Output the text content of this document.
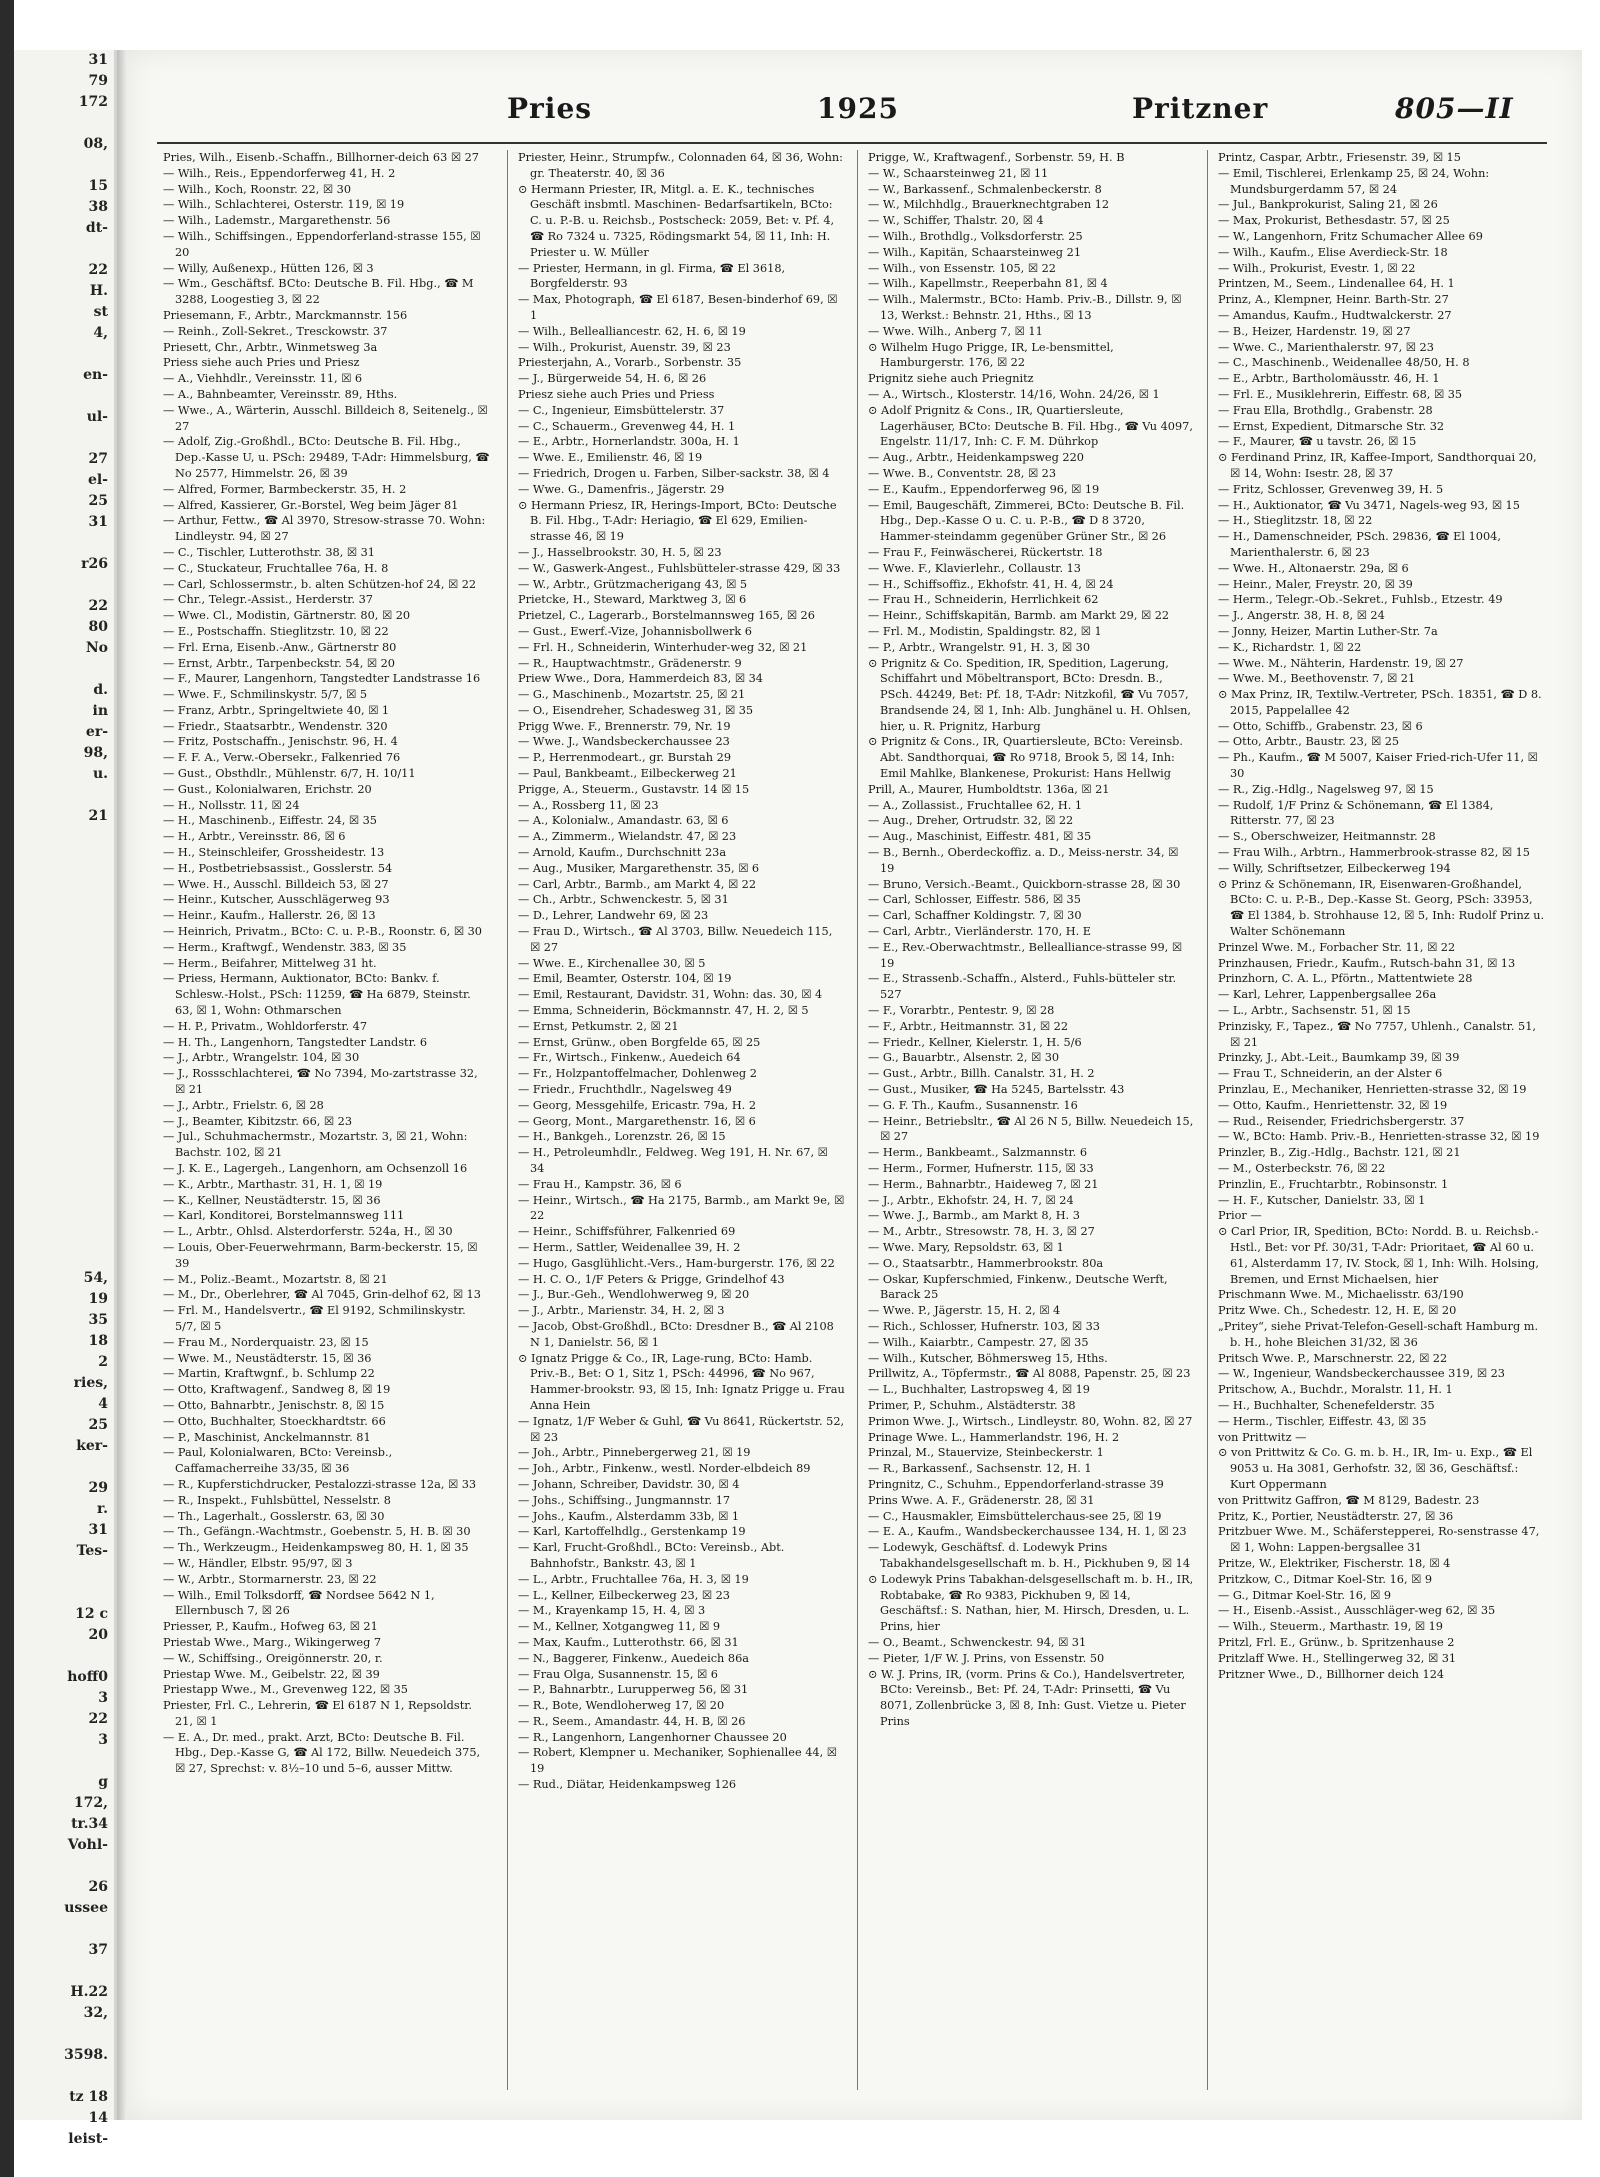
31
79
172

08,

15
38
dt-

22
H.
st
4,

en-

ul-

27
el-
25
31

r26

22
80
No

d.
in
er-
98,
u.

21

54,
19
35
18
2
ries,
4
25
ker-

29
r.
31
Tes-

12 c
20

hoff0
3
22
3

g
172,
tr.34
Vohl-

26
ussee

37

H.22
32,

3598.

tz 18
14
leist-
Pries	1925	Pritzner	805—II

Pries, Wilh., Eisenb.-Schaffn., Billhorner-deich 63 ☒ 27

— Wilh., Reis., Eppendorferweg 41, H. 2

— Wilh., Koch, Roonstr. 22, ☒ 30

— Wilh., Schlachterei, Osterstr. 119, ☒ 19

— Wilh., Lademstr., Margarethenstr. 56

— Wilh., Schiffsingen., Eppendorferland-strasse 155, ☒ 20

— Willy, Außenexp., Hütten 126, ☒ 3

— Wm., Geschäftsf. BCto: Deutsche B. Fil. Hbg., ☎ M 3288, Loogestieg 3, ☒ 22

Priesemann, F., Arbtr., Marckmannstr. 156

— Reinh., Zoll-Sekret., Tresckowstr. 37

Priesett, Chr., Arbtr., Winmetsweg 3a

Priess siehe auch Pries und Priesz

— A., Viehhdlr., Vereinsstr. 11, ☒ 6

— A., Bahnbeamter, Vereinsstr. 89, Hths.

— Wwe., A., Wärterin, Ausschl. Billdeich 8, Seitenelg., ☒ 27

— Adolf, Zig.-Großhdl., BCto: Deutsche B. Fil. Hbg., Dep.-Kasse U, u. PSch: 29489, T-Adr: Himmelsburg, ☎ No 2577, Himmelstr. 26, ☒ 39

— Alfred, Former, Barmbeckerstr. 35, H. 2

— Alfred, Kassierer, Gr.-Borstel, Weg beim Jäger 81

— Arthur, Fettw., ☎ Al 3970, Stresow-strasse 70. Wohn: Lindleystr. 94, ☒ 27

— C., Tischler, Lutterothstr. 38, ☒ 31

— C., Stuckateur, Fruchtallee 76a, H. 8

— Carl, Schlossermstr., b. alten Schützen-hof 24, ☒ 22

— Chr., Telegr.-Assist., Herderstr. 37

— Wwe. Cl., Modistin, Gärtnerstr. 80, ☒ 20

— E., Postschaffn. Stieglitzstr. 10, ☒ 22

— Frl. Erna, Eisenb.-Anw., Gärtnerstr 80

— Ernst, Arbtr., Tarpenbeckstr. 54, ☒ 20

— F., Maurer, Langenhorn, Tangstedter Landstrasse 16

— Wwe. F., Schmilinskystr. 5/7, ☒ 5

— Franz, Arbtr., Springeltwiete 40, ☒ 1

— Friedr., Staatsarbtr., Wendenstr. 320

— Fritz, Postschaffn., Jenischstr. 96, H. 4

— F. F. A., Verw.-Obersekr., Falkenried 76

— Gust., Obsthdlr., Mühlenstr. 6/7, H. 10/11

— Gust., Kolonialwaren, Erichstr. 20

— H., Nollsstr. 11, ☒ 24

— H., Maschinenb., Eiffestr. 24, ☒ 35

— H., Arbtr., Vereinsstr. 86, ☒ 6

— H., Steinschleifer, Grossheidestr. 13

— H., Postbetriebsassist., Gosslerstr. 54

— Wwe. H., Ausschl. Billdeich 53, ☒ 27

— Heinr., Kutscher, Ausschlägerweg 93

— Heinr., Kaufm., Hallerstr. 26, ☒ 13

— Heinrich, Privatm., BCto: C. u. P.-B., Roonstr. 6, ☒ 30

— Herm., Kraftwgf., Wendenstr. 383, ☒ 35

— Herm., Beifahrer, Mittelweg 31 ht.

— Priess, Hermann, Auktionator, BCto: Bankv. f. Schlesw.-Holst., PSch: 11259, ☎ Ha 6879, Steinstr. 63, ☒ 1, Wohn: Othmarschen

— H. P., Privatm., Wohldorferstr. 47

— H. Th., Langenhorn, Tangstedter Landstr. 6

— J., Arbtr., Wrangelstr. 104, ☒ 30

— J., Rossschlachterei, ☎ No 7394, Mo-zartstrasse 32, ☒ 21

— J., Arbtr., Frielstr. 6, ☒ 28

— J., Beamter, Kibitzstr. 66, ☒ 23

— Jul., Schuhmachermstr., Mozartstr. 3, ☒ 21, Wohn: Bachstr. 102, ☒ 21

— J. K. E., Lagergeh., Langenhorn, am Ochsenzoll 16

— K., Arbtr., Marthastr. 31, H. 1, ☒ 19

— K., Kellner, Neustädterstr. 15, ☒ 36

— Karl, Konditorei, Borstelmannsweg 111

— L., Arbtr., Ohlsd. Alsterdorferstr. 524a, H., ☒ 30

— Louis, Ober-Feuerwehrmann, Barm-beckerstr. 15, ☒ 39

— M., Poliz.-Beamt., Mozartstr. 8, ☒ 21

— M., Dr., Oberlehrer, ☎ Al 7045, Grin-delhof 62, ☒ 13

— Frl. M., Handelsvertr., ☎ El 9192, Schmilinskystr. 5/7, ☒ 5

— Frau M., Norderquaistr. 23, ☒ 15

— Wwe. M., Neustädterstr. 15, ☒ 36

— Martin, Kraftwgnf., b. Schlump 22

— Otto, Kraftwagenf., Sandweg 8, ☒ 19

— Otto, Bahnarbtr., Jenischstr. 8, ☒ 15

— Otto, Buchhalter, Stoeckhardtstr. 66

— P., Maschinist, Anckelmannstr. 81

— Paul, Kolonialwaren, BCto: Vereinsb., Caffamacherreihe 33/35, ☒ 36

— R., Kupferstichdrucker, Pestalozzi-strasse 12a, ☒ 33

— R., Inspekt., Fuhlsbüttel, Nesselstr. 8

— Th., Lagerhalt., Gosslerstr. 63, ☒ 30

— Th., Gefängn.-Wachtmstr., Goebenstr. 5, H. B. ☒ 30

— Th., Werkzeugm., Heidenkampsweg 80, H. 1, ☒ 35

— W., Händler, Elbstr. 95/97, ☒ 3

— W., Arbtr., Stormarnerstr. 23, ☒ 22

— Wilh., Emil Tolksdorff, ☎ Nordsee 5642 N 1, Ellernbusch 7, ☒ 26

Priesser, P., Kaufm., Hofweg 63, ☒ 21

Priestab Wwe., Marg., Wikingerweg 7

— W., Schiffsing., Oreigönnerstr. 20, r.

Priestap Wwe. M., Geibelstr. 22, ☒ 39

Priestapp Wwe., M., Grevenweg 122, ☒ 35

Priester, Frl. C., Lehrerin, ☎ El 6187 N 1, Repsoldstr. 21, ☒ 1

— E. A., Dr. med., prakt. Arzt, BCto: Deutsche B. Fil. Hbg., Dep.-Kasse G, ☎ Al 172, Billw. Neuedeich 375, ☒ 27, Sprechst: v. 8½–10 und 5–6, ausser Mittw.

Priester, Heinr., Strumpfw., Colonnaden 64, ☒ 36, Wohn: gr. Theaterstr. 40, ☒ 36

⊙ Hermann Priester, IR, Mitgl. a. E. K., technisches Geschäft insbmtl. Maschinen- Bedarfsartikeln, BCto: C. u. P.-B. u. Reichsb., Postscheck: 2059, Bet: v. Pf. 4, ☎ Ro 7324 u. 7325, Rödingsmarkt 54, ☒ 11, Inh: H. Priester u. W. Müller

— Priester, Hermann, in gl. Firma, ☎ El 3618, Borgfelderstr. 93

— Max, Photograph, ☎ El 6187, Besen-binderhof 69, ☒ 1

— Wilh., Bellealliancestr. 62, H. 6, ☒ 19

— Wilh., Prokurist, Auenstr. 39, ☒ 23

Priesterjahn, A., Vorarb., Sorbenstr. 35

— J., Bürgerweide 54, H. 6, ☒ 26

Priesz siehe auch Pries und Priess

— C., Ingenieur, Eimsbüttelerstr. 37

— C., Schauerm., Grevenweg 44, H. 1

— E., Arbtr., Hornerlandstr. 300a, H. 1

— Wwe. E., Emilienstr. 46, ☒ 19

— Friedrich, Drogen u. Farben, Silber-sackstr. 38, ☒ 4

— Wwe. G., Damenfris., Jägerstr. 29

⊙ Hermann Priesz, IR, Herings-Import, BCto: Deutsche B. Fil. Hbg., T-Adr: Heriagio, ☎ El 629, Emilien-strasse 46, ☒ 19

— J., Hasselbrookstr. 30, H. 5, ☒ 23

— W., Gaswerk-Angest., Fuhlsbütteler-strasse 429, ☒ 33

— W., Arbtr., Grützmacherigang 43, ☒ 5

Prietcke, H., Steward, Marktweg 3, ☒ 6

Prietzel, C., Lagerarb., Borstelmannsweg 165, ☒ 26

— Gust., Ewerf.-Vize, Johannisbollwerk 6

— Frl. H., Schneiderin, Winterhuder-weg 32, ☒ 21

— R., Hauptwachtmstr., Grädenerstr. 9

Priew Wwe., Dora, Hammerdeich 83, ☒ 34

— G., Maschinenb., Mozartstr. 25, ☒ 21

— O., Eisendreher, Schadesweg 31, ☒ 35

Prigg Wwe. F., Brennerstr. 79, Nr. 19

— Wwe. J., Wandsbeckerchaussee 23

— P., Herrenmodeart., gr. Burstah 29

— Paul, Bankbeamt., Eilbeckerweg 21

Prigge, A., Steuerm., Gustavstr. 14 ☒ 15

— A., Rossberg 11, ☒ 23

— A., Kolonialw., Amandastr. 63, ☒ 6

— A., Zimmerm., Wielandstr. 47, ☒ 23

— Arnold, Kaufm., Durchschnitt 23a

— Aug., Musiker, Margarethenstr. 35, ☒ 6

— Carl, Arbtr., Barmb., am Markt 4, ☒ 22

— Ch., Arbtr., Schwenckestr. 5, ☒ 31

— D., Lehrer, Landwehr 69, ☒ 23

— Frau D., Wirtsch., ☎ Al 3703, Billw. Neuedeich 115, ☒ 27

— Wwe. E., Kirchenallee 30, ☒ 5

— Emil, Beamter, Osterstr. 104, ☒ 19

— Emil, Restaurant, Davidstr. 31, Wohn: das. 30, ☒ 4

— Emma, Schneiderin, Böckmannstr. 47, H. 2, ☒ 5

— Ernst, Petkumstr. 2, ☒ 21

— Ernst, Grünw., oben Borgfelde 65, ☒ 25

— Fr., Wirtsch., Finkenw., Auedeich 64

— Fr., Holzpantoffelmacher, Dohlenweg 2

— Friedr., Fruchthdlr., Nagelsweg 49

— Georg, Messgehilfe, Ericastr. 79a, H. 2

— Georg, Mont., Margarethenstr. 16, ☒ 6

— H., Bankgeh., Lorenzstr. 26, ☒ 15

— H., Petroleumhdlr., Feldweg. Weg 191, H. Nr. 67, ☒ 34

— Frau H., Kampstr. 36, ☒ 6

— Heinr., Wirtsch., ☎ Ha 2175, Barmb., am Markt 9e, ☒ 22

— Heinr., Schiffsführer, Falkenried 69

— Herm., Sattler, Weidenallee 39, H. 2

— Hugo, Gasglühlicht.-Vers., Ham-burgerstr. 176, ☒ 22

— H. C. O., 1/F Peters & Prigge, Grindelhof 43

— J., Bur.-Geh., Wendlohwerweg 9, ☒ 20

— J., Arbtr., Marienstr. 34, H. 2, ☒ 3

— Jacob, Obst-Großhdl., BCto: Dresdner B., ☎ Al 2108 N 1, Danielstr. 56, ☒ 1

⊙ Ignatz Prigge & Co., IR, Lage-rung, BCto: Hamb. Priv.-B., Bet: O 1, Sitz 1, PSch: 44996, ☎ No 967, Hammer-brookstr. 93, ☒ 15, Inh: Ignatz Prigge u. Frau Anna Hein

— Ignatz, 1/F Weber & Guhl, ☎ Vu 8641, Rückertstr. 52, ☒ 23

— Joh., Arbtr., Pinnebergerweg 21, ☒ 19

— Joh., Arbtr., Finkenw., westl. Norder-elbdeich 89

— Johann, Schreiber, Davidstr. 30, ☒ 4

— Johs., Schiffsing., Jungmannstr. 17

— Johs., Kaufm., Alsterdamm 33b, ☒ 1

— Karl, Kartoffelhdlg., Gerstenkamp 19

— Karl, Frucht-Großhdl., BCto: Vereinsb., Abt. Bahnhofstr., Bankstr. 43, ☒ 1

— L., Arbtr., Fruchtallee 76a, H. 3, ☒ 19

— L., Kellner, Eilbeckerweg 23, ☒ 23

— M., Krayenkamp 15, H. 4, ☒ 3

— M., Kellner, Xotgangweg 11, ☒ 9

— Max, Kaufm., Lutterothstr. 66, ☒ 31

— N., Baggerer, Finkenw., Auedeich 86a

— Frau Olga, Susannenstr. 15, ☒ 6

— P., Bahnarbtr., Lurupperweg 56, ☒ 31

— R., Bote, Wendloherweg 17, ☒ 20

— R., Seem., Amandastr. 44, H. B, ☒ 26

— R., Langenhorn, Langenhorner Chaussee 20

— Robert, Klempner u. Mechaniker, Sophienallee 44, ☒ 19

— Rud., Diätar, Heidenkampsweg 126

Prigge, W., Kraftwagenf., Sorbenstr. 59, H. B

— W., Schaarsteinweg 21, ☒ 11

— W., Barkassenf., Schmalenbeckerstr. 8

— W., Milchhdlg., Brauerknechtgraben 12

— W., Schiffer, Thalstr. 20, ☒ 4

— Wilh., Brothdlg., Volksdorferstr. 25

— Wilh., Kapitän, Schaarsteinweg 21

— Wilh., von Essenstr. 105, ☒ 22

— Wilh., Kapellmstr., Reeperbahn 81, ☒ 4

— Wilh., Malermstr., BCto: Hamb. Priv.-B., Dillstr. 9, ☒ 13, Werkst.: Behnstr. 21, Hths., ☒ 13

— Wwe. Wilh., Anberg 7, ☒ 11

⊙ Wilhelm Hugo Prigge, IR, Le-bensmittel, Hamburgerstr. 176, ☒ 22

Prignitz siehe auch Priegnitz

— A., Wirtsch., Klosterstr. 14/16, Wohn. 24/26, ☒ 1

⊙ Adolf Prignitz & Cons., IR, Quartiersleute, Lagerhäuser, BCto: Deutsche B. Fil. Hbg., ☎ Vu 4097, Engelstr. 11/17, Inh: C. F. M. Dührkop

— Aug., Arbtr., Heidenkampsweg 220

— Wwe. B., Conventstr. 28, ☒ 23

— E., Kaufm., Eppendorferweg 96, ☒ 19

— Emil, Baugeschäft, Zimmerei, BCto: Deutsche B. Fil. Hbg., Dep.-Kasse O u. C. u. P.-B., ☎ D 8 3720, Hammer-steindamm gegenüber Grüner Str., ☒ 26

— Frau F., Feinwäscherei, Rückertstr. 18

— Wwe. F., Klavierlehr., Collaustr. 13

— H., Schiffsoffiz., Ekhofstr. 41, H. 4, ☒ 24

— Frau H., Schneiderin, Herrlichkeit 62

— Heinr., Schiffskapitän, Barmb. am Markt 29, ☒ 22

— Frl. M., Modistin, Spaldingstr. 82, ☒ 1

— P., Arbtr., Wrangelstr. 91, H. 3, ☒ 30

⊙ Prignitz & Co. Spedition, IR, Spedition, Lagerung, Schiffahrt und Möbeltransport, BCto: Dresdn. B., PSch. 44249, Bet: Pf. 18, T-Adr: Nitzkofil, ☎ Vu 7057, Brandsende 24, ☒ 1, Inh: Alb. Junghänel u. H. Ohlsen, hier, u. R. Prignitz, Harburg

⊙ Prignitz & Cons., IR, Quartiersleute, BCto: Vereinsb. Abt. Sandthorquai, ☎ Ro 9718, Brook 5, ☒ 14, Inh: Emil Mahlke, Blankenese, Prokurist: Hans Hellwig

Prill, A., Maurer, Humboldtstr. 136a, ☒ 21

— A., Zollassist., Fruchtallee 62, H. 1

— Aug., Dreher, Ortrudstr. 32, ☒ 22

— Aug., Maschinist, Eiffestr. 481, ☒ 35

— B., Bernh., Oberdeckoffiz. a. D., Meiss-nerstr. 34, ☒ 19

— Bruno, Versich.-Beamt., Quickborn-strasse 28, ☒ 30

— Carl, Schlosser, Eiffestr. 586, ☒ 35

— Carl, Schaffner Koldingstr. 7, ☒ 30

— Carl, Arbtr., Vierländerstr. 170, H. E

— E., Rev.-Oberwachtmstr., Bellealliance-strasse 99, ☒ 19

— E., Strassenb.-Schaffn., Alsterd., Fuhls-bütteler str. 527

— F., Vorarbtr., Pentestr. 9, ☒ 28

— F., Arbtr., Heitmannstr. 31, ☒ 22

— Friedr., Kellner, Kielerstr. 1, H. 5/6

— G., Bauarbtr., Alsenstr. 2, ☒ 30

— Gust., Arbtr., Billh. Canalstr. 31, H. 2

— Gust., Musiker, ☎ Ha 5245, Bartelsstr. 43

— G. F. Th., Kaufm., Susannenstr. 16

— Heinr., Betriebsltr., ☎ Al 26 N 5, Billw. Neuedeich 15, ☒ 27

— Herm., Bankbeamt., Salzmannstr. 6

— Herm., Former, Hufnerstr. 115, ☒ 33

— Herm., Bahnarbtr., Haideweg 7, ☒ 21

— J., Arbtr., Ekhofstr. 24, H. 7, ☒ 24

— Wwe. J., Barmb., am Markt 8, H. 3

— M., Arbtr., Stresowstr. 78, H. 3, ☒ 27

— Wwe. Mary, Repsoldstr. 63, ☒ 1

— O., Staatsarbtr., Hammerbrookstr. 80a

— Oskar, Kupferschmied, Finkenw., Deutsche Werft, Barack 25

— Wwe. P., Jägerstr. 15, H. 2, ☒ 4

— Rich., Schlosser, Hufnerstr. 103, ☒ 33

— Wilh., Kaiarbtr., Campestr. 27, ☒ 35

— Wilh., Kutscher, Böhmersweg 15, Hths.

Prillwitz, A., Töpfermstr., ☎ Al 8088, Papenstr. 25, ☒ 23

— L., Buchhalter, Lastropsweg 4, ☒ 19

Primer, P., Schuhm., Alstädterstr. 38

Primon Wwe. J., Wirtsch., Lindleystr. 80, Wohn. 82, ☒ 27

Prinage Wwe. L., Hammerlandstr. 196, H. 2

Prinzal, M., Stauervize, Steinbeckerstr. 1

— R., Barkassenf., Sachsenstr. 12, H. 1

Pringnitz, C., Schuhm., Eppendorferland-strasse 39

Prins Wwe. A. F., Grädenerstr. 28, ☒ 31

— C., Hausmakler, Eimsbüttelerchaus-see 25, ☒ 19

— E. A., Kaufm., Wandsbeckerchaussee 134, H. 1, ☒ 23

— Lodewyk, Geschäftsf. d. Lodewyk Prins Tabakhandelsgesellschaft m. b. H., Pickhuben 9, ☒ 14

⊙ Lodewyk Prins Tabakhan-delsgesellschaft m. b. H., IR, Robtabake, ☎ Ro 9383, Pickhuben 9, ☒ 14, Geschäftsf.: S. Nathan, hier, M. Hirsch, Dresden, u. L. Prins, hier

— O., Beamt., Schwenckestr. 94, ☒ 31

— Pieter, 1/F W. J. Prins, von Essenstr. 50

⊙ W. J. Prins, IR, (vorm. Prins & Co.), Handelsvertreter, BCto: Vereinsb., Bet: Pf. 24, T-Adr: Prinsetti, ☎ Vu 8071, Zollenbrücke 3, ☒ 8, Inh: Gust. Vietze u. Pieter Prins

Printz, Caspar, Arbtr., Friesenstr. 39, ☒ 15

— Emil, Tischlerei, Erlenkamp 25, ☒ 24, Wohn: Mundsburgerdamm 57, ☒ 24

— Jul., Bankprokurist, Saling 21, ☒ 26

— Max, Prokurist, Bethesdastr. 57, ☒ 25

— W., Langenhorn, Fritz Schumacher Allee 69

— Wilh., Kaufm., Elise Averdieck-Str. 18

— Wilh., Prokurist, Evestr. 1, ☒ 22

Printzen, M., Seem., Lindenallee 64, H. 1

Prinz, A., Klempner, Heinr. Barth-Str. 27

— Amandus, Kaufm., Hudtwalckerstr. 27

— B., Heizer, Hardenstr. 19, ☒ 27

— Wwe. C., Marienthalerstr. 97, ☒ 23

— C., Maschinenb., Weidenallee 48/50, H. 8

— E., Arbtr., Bartholomäusstr. 46, H. 1

— Frl. E., Musiklehrerin, Eiffestr. 68, ☒ 35

— Frau Ella, Brothdlg., Grabenstr. 28

— Ernst, Expedient, Ditmarsche Str. 32

— F., Maurer, ☎ u tavstr. 26, ☒ 15

⊙ Ferdinand Prinz, IR, Kaffee-Import, Sandthorquai 20, ☒ 14, Wohn: Isestr. 28, ☒ 37

— Fritz, Schlosser, Grevenweg 39, H. 5

— H., Auktionator, ☎ Vu 3471, Nagels-weg 93, ☒ 15

— H., Stieglitzstr. 18, ☒ 22

— H., Damenschneider, PSch. 29836, ☎ El 1004, Marienthalerstr. 6, ☒ 23

— Wwe. H., Altonaerstr. 29a, ☒ 6

— Heinr., Maler, Freystr. 20, ☒ 39

— Herm., Telegr.-Ob.-Sekret., Fuhlsb., Etzestr. 49

— J., Angerstr. 38, H. 8, ☒ 24

— Jonny, Heizer, Martin Luther-Str. 7a

— K., Richardstr. 1, ☒ 22

— Wwe. M., Nähterin, Hardenstr. 19, ☒ 27

— Wwe. M., Beethovenstr. 7, ☒ 21

⊙ Max Prinz, IR, Textilw.-Vertreter, PSch. 18351, ☎ D 8. 2015, Pappelallee 42

— Otto, Schiffb., Grabenstr. 23, ☒ 6

— Otto, Arbtr., Baustr. 23, ☒ 25

— Ph., Kaufm., ☎ M 5007, Kaiser Fried-rich-Ufer 11, ☒ 30

— R., Zig.-Hdlg., Nagelsweg 97, ☒ 15

— Rudolf, 1/F Prinz & Schönemann, ☎ El 1384, Ritterstr. 77, ☒ 23

— S., Oberschweizer, Heitmannstr. 28

— Frau Wilh., Arbtrn., Hammerbrook-strasse 82, ☒ 15

— Willy, Schriftsetzer, Eilbeckerweg 194

⊙ Prinz & Schönemann, IR, Eisenwaren-Großhandel, BCto: C. u. P.-B., Dep.-Kasse St. Georg, PSch: 33953, ☎ El 1384, b. Strohhause 12, ☒ 5, Inh: Rudolf Prinz u. Walter Schönemann

Prinzel Wwe. M., Forbacher Str. 11, ☒ 22

Prinzhausen, Friedr., Kaufm., Rutsch-bahn 31, ☒ 13

Prinzhorn, C. A. L., Pförtn., Mattentwiete 28

— Karl, Lehrer, Lappenbergsallee 26a

— L., Arbtr., Sachsenstr. 51, ☒ 15

Prinzisky, F., Tapez., ☎ No 7757, Uhlenh., Canalstr. 51, ☒ 21

Prinzky, J., Abt.-Leit., Baumkamp 39, ☒ 39

— Frau T., Schneiderin, an der Alster 6

Prinzlau, E., Mechaniker, Henrietten-strasse 32, ☒ 19

— Otto, Kaufm., Henriettenstr. 32, ☒ 19

— Rud., Reisender, Friedrichsbergerstr. 37

— W., BCto: Hamb. Priv.-B., Henrietten-strasse 32, ☒ 19

Prinzler, B., Zig.-Hdlg., Bachstr. 121, ☒ 21

— M., Osterbeckstr. 76, ☒ 22

Prinzlin, E., Fruchtarbtr., Robinsonstr. 1

— H. F., Kutscher, Danielstr. 33, ☒ 1

Prior —

⊙ Carl Prior, IR, Spedition, BCto: Nordd. B. u. Reichsb.-Hstl., Bet: vor Pf. 30/31, T-Adr: Prioritaet, ☎ Al 60 u. 61, Alsterdamm 17, IV. Stock, ☒ 1, Inh: Wilh. Holsing, Bremen, und Ernst Michaelsen, hier

Prischmann Wwe. M., Michaelisstr. 63/190

Pritz Wwe. Ch., Schedestr. 12, H. E, ☒ 20

„Pritey“, siehe Privat-Telefon-Gesell-schaft Hamburg m. b. H., hohe Bleichen 31/32, ☒ 36

Pritsch Wwe. P., Marschnerstr. 22, ☒ 22

— W., Ingenieur, Wandsbeckerchaussee 319, ☒ 23

Pritschow, A., Buchdr., Moralstr. 11, H. 1

— H., Buchhalter, Schenefelderstr. 35

— Herm., Tischler, Eiffestr. 43, ☒ 35

von Prittwitz —

⊙ von Prittwitz & Co. G. m. b. H., IR, Im- u. Exp., ☎ El 9053 u. Ha 3081, Gerhofstr. 32, ☒ 36, Geschäftsf.: Kurt Oppermann

von Prittwitz Gaffron, ☎ M 8129, Badestr. 23

Pritz, K., Portier, Neustädterstr. 27, ☒ 36

Pritzbuer Wwe. M., Schäferstepperei, Ro-senstrasse 47, ☒ 1, Wohn: Lappen-bergsallee 31

Pritze, W., Elektriker, Fischerstr. 18, ☒ 4

Pritzkow, C., Ditmar Koel-Str. 16, ☒ 9

— G., Ditmar Koel-Str. 16, ☒ 9

— H., Eisenb.-Assist., Ausschläger-weg 62, ☒ 35

— Wilh., Steuerm., Marthastr. 19, ☒ 19

Pritzl, Frl. E., Grünw., b. Spritzenhause 2

Pritzlaff Wwe. H., Stellingerweg 32, ☒ 31

Pritzner Wwe., D., Billhorner deich 124
